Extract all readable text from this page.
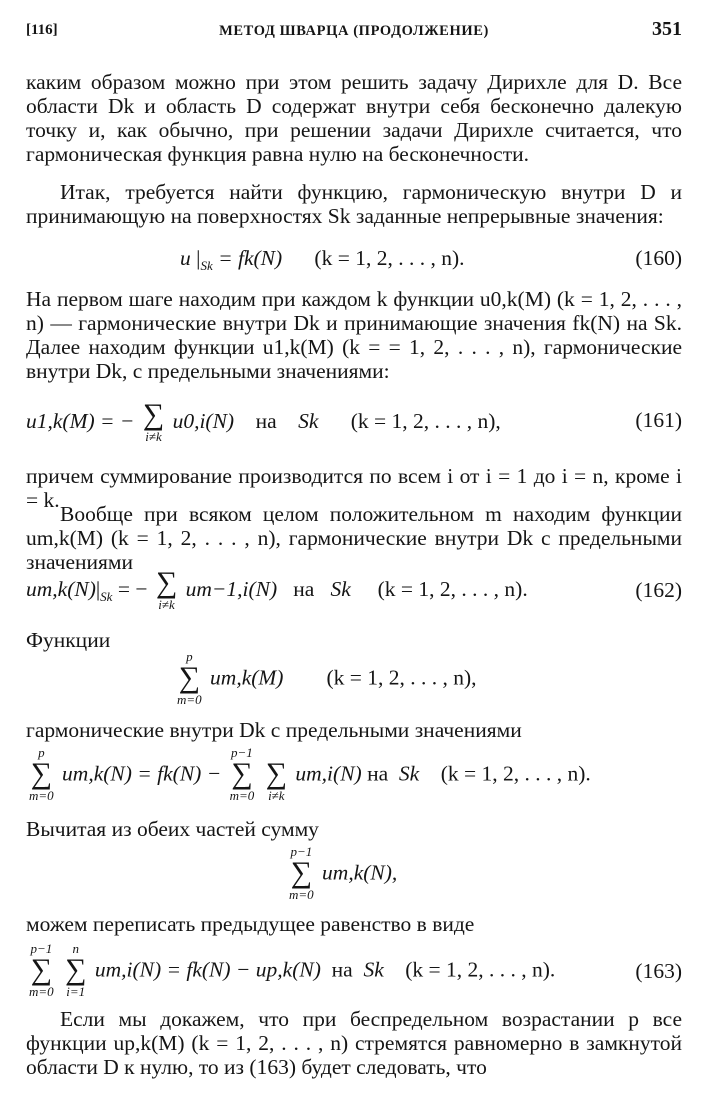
[116]	МЕТОД ШВАРЦА (ПРОДОЛЖЕНИЕ)	351

каким образом можно при этом решить задачу Дирихле для D. Все области Dk и область D содержат внутри себя бесконечно далекую точку и, как обычно, при решении задачи Дирихле считается, что гармоническая функция равна нулю на бесконечности.

Итак, требуется найти функцию, гармоническую внутри D и принимающую на поверхностях Sk заданные непрерывные значения:

u $|_{Sk} = fk(N) (k = 1$, 2, . . . , n).	(160)

На первом шаге находим при каждом k функции u0,k(M) (k = 1, 2, . . . , n) — гармонические внутри Dk и принимающие значения fk(N) на Sk. Далее находим функции u1,k(M) (k = = 1, 2, . . . , n), гармонические внутри Dk, с предельными значениями:

u1,k(M) = − ∑
i≠k
u0,i(N) на Sk (k = 1, 2, . . . , n),	(161)

причем суммирование производится по всем i от i = 1 до i = n, кроме i = k.

Вообще при всяком целом положительном m находим функции um,k(M) (k = 1, 2, . . . , n), гармонические внутри Dk с предельными значениями

$um,k(N)|_{Sk}$ = − ∑
i≠k
um−1,i(N) на Sk (k = 1, 2, . . . , n).	(162)

Функции

p
∑
m=0
um,k(M) (k = 1, 2, . . . , n),

гармонические внутри Dk с предельными значениями

p
∑
m=0
um,k(N) = fk(N) −
p−1
∑
m=0

∑
i≠k
um,i(N) на Sk (k = 1, 2, . . . , n).

Вычитая из обеих частей сумму

p−1
∑
m=0
um,k(N),

можем переписать предыдущее равенство в виде

p−1
∑
m=0

n
∑
i=1
um,i(N) = fk(N) − up,k(N) на Sk (k = 1, 2, . . . , n).	(163)

Если мы докажем, что при беспредельном возрастании p все функции up,k(M) (k = 1, 2, . . . , n) стремятся равномерно в замкнутой области D к нулю, то из (163) будет следовать, что
